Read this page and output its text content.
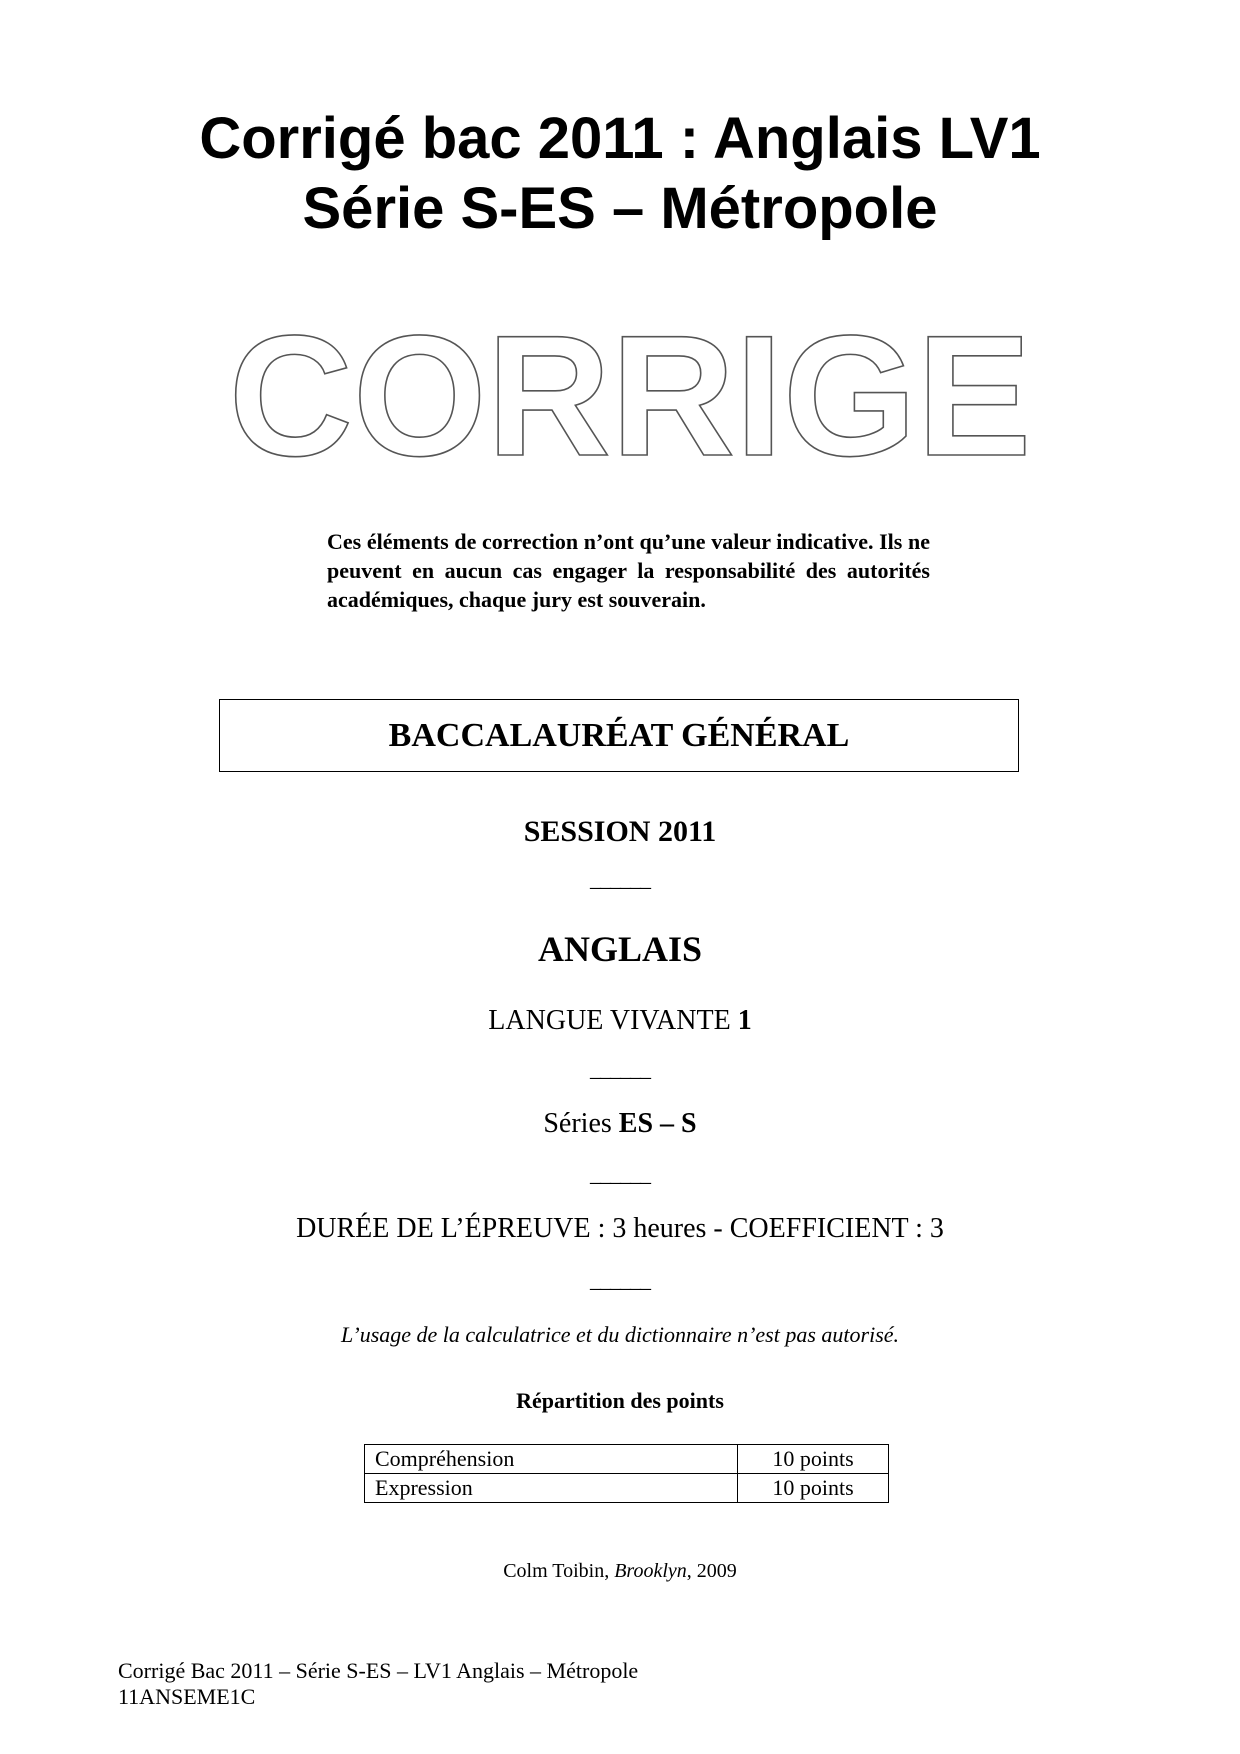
Corrigé bac 2011 : Anglais LV1
Série S-ES – Métropole
CORRIGE
Ces éléments de correction n’ont qu’une valeur indicative. Ils ne peuvent en aucun cas engager la responsabilité des autorités académiques, chaque jury est souverain.
BACCALAURÉAT GÉNÉRAL
SESSION 2011
______
ANGLAIS
LANGUE VIVANTE 1
______
Séries ES – S
______
DURÉE DE L’ÉPREUVE : 3 heures - COEFFICIENT : 3
______
L’usage de la calculatrice et du dictionnaire n’est pas autorisé.
Répartition des points
Compréhension	10 points
Expression	10 points
Colm Toibin, Brooklyn, 2009
Corrigé Bac 2011 – Série S-ES – LV1 Anglais – Métropole
11ANSEME1C
